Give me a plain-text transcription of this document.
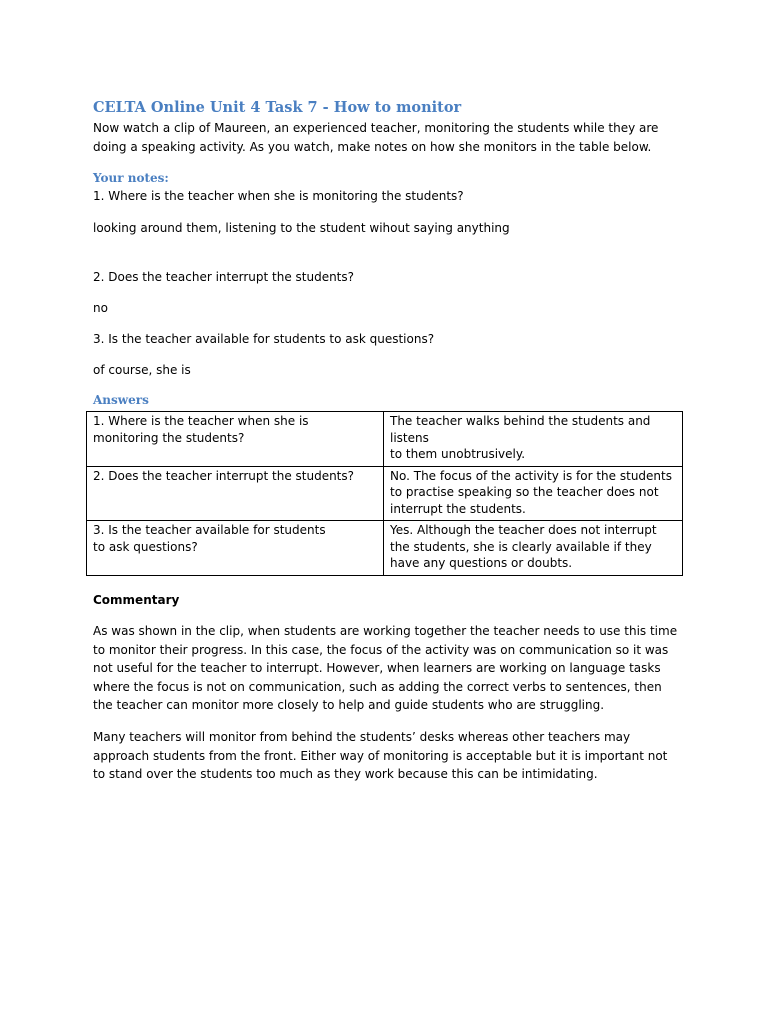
CELTA Online Unit 4 Task 7 - How to monitor

Now watch a clip of Maureen, an experienced teacher, monitoring the students while they are doing a speaking activity. As you watch, make notes on how she monitors in the table below.

Your notes:

1. Where is the teacher when she is monitoring the students?

looking around them, listening to the student wihout saying anything

2. Does the teacher interrupt the students?

no

3. Is the teacher available for students to ask questions?

of course, she is

Answers
1. Where is the teacher when she is monitoring the students?	The teacher walks behind the students and listens
to them unobtrusively.
2. Does the teacher interrupt the students?	No. The focus of the activity is for the students to practise speaking so the teacher does not interrupt the students.
3. Is the teacher available for students
to ask questions?	Yes. Although the teacher does not interrupt the students, she is clearly available if they have any questions or doubts.

Commentary

As was shown in the clip, when students are working together the teacher needs to use this time to monitor their progress. In this case, the focus of the activity was on communication so it was not useful for the teacher to interrupt. However, when learners are working on language tasks where the focus is not on communication, such as adding the correct verbs to sentences, then the teacher can monitor more closely to help and guide students who are struggling.

Many teachers will monitor from behind the students’ desks whereas other teachers may approach students from the front. Either way of monitoring is acceptable but it is important not to stand over the students too much as they work because this can be intimidating.
